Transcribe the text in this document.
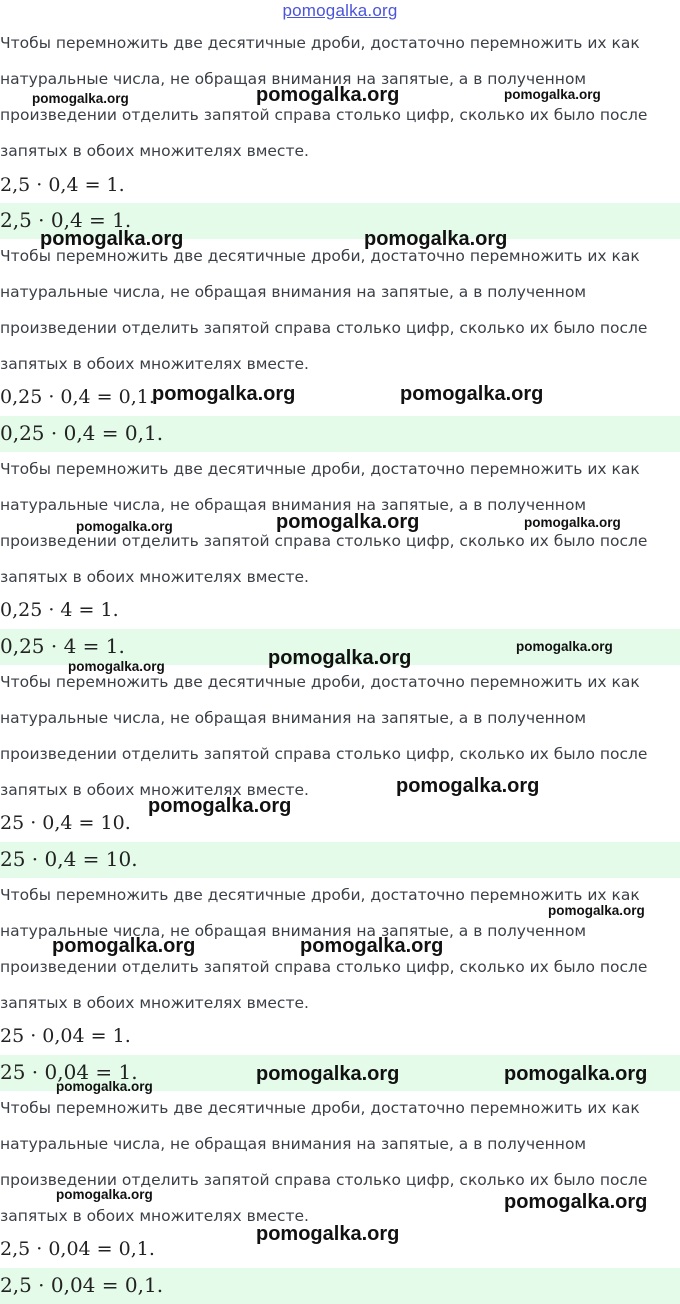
pomogalka.org

Чтобы перемножить две десятичные дроби, достаточно перемножить их как натуральные числа, не обращая внимания на запятые, а в полученном произведении отделить запятой справа столько цифр, сколько их было после запятых в обоих множителях вместе.

2,5 · 0,4 = 1.
2,5 · 0,4 = 1.

Чтобы перемножить две десятичные дроби, достаточно перемножить их как натуральные числа, не обращая внимания на запятые, а в полученном произведении отделить запятой справа столько цифр, сколько их было после запятых в обоих множителях вместе.

0,25 · 0,4 = 0,1.
0,25 · 0,4 = 0,1.

Чтобы перемножить две десятичные дроби, достаточно перемножить их как натуральные числа, не обращая внимания на запятые, а в полученном произведении отделить запятой справа столько цифр, сколько их было после запятых в обоих множителях вместе.

0,25 · 4 = 1.
0,25 · 4 = 1.

Чтобы перемножить две десятичные дроби, достаточно перемножить их как натуральные числа, не обращая внимания на запятые, а в полученном произведении отделить запятой справа столько цифр, сколько их было после запятых в обоих множителях вместе.

25 · 0,4 = 10.
25 · 0,4 = 10.

Чтобы перемножить две десятичные дроби, достаточно перемножить их как натуральные числа, не обращая внимания на запятые, а в полученном произведении отделить запятой справа столько цифр, сколько их было после запятых в обоих множителях вместе.

25 · 0,04 = 1.
25 · 0,04 = 1.

Чтобы перемножить две десятичные дроби, достаточно перемножить их как натуральные числа, не обращая внимания на запятые, а в полученном произведении отделить запятой справа столько цифр, сколько их было после запятых в обоих множителях вместе.

2,5 · 0,04 = 0,1.
2,5 · 0,04 = 0,1.
pomogalka.org	pomogalka.org	pomogalka.org
pomogalka.org	pomogalka.org
pomogalka.org	pomogalka.org
pomogalka.org	pomogalka.org	pomogalka.org
pomogalka.org
pomogalka.org
pomogalka.org
pomogalka.org
pomogalka.org
pomogalka.org
pomogalka.org	pomogalka.org
pomogalka.org	pomogalka.org
pomogalka.org
pomogalka.org	pomogalka.org
pomogalka.org
